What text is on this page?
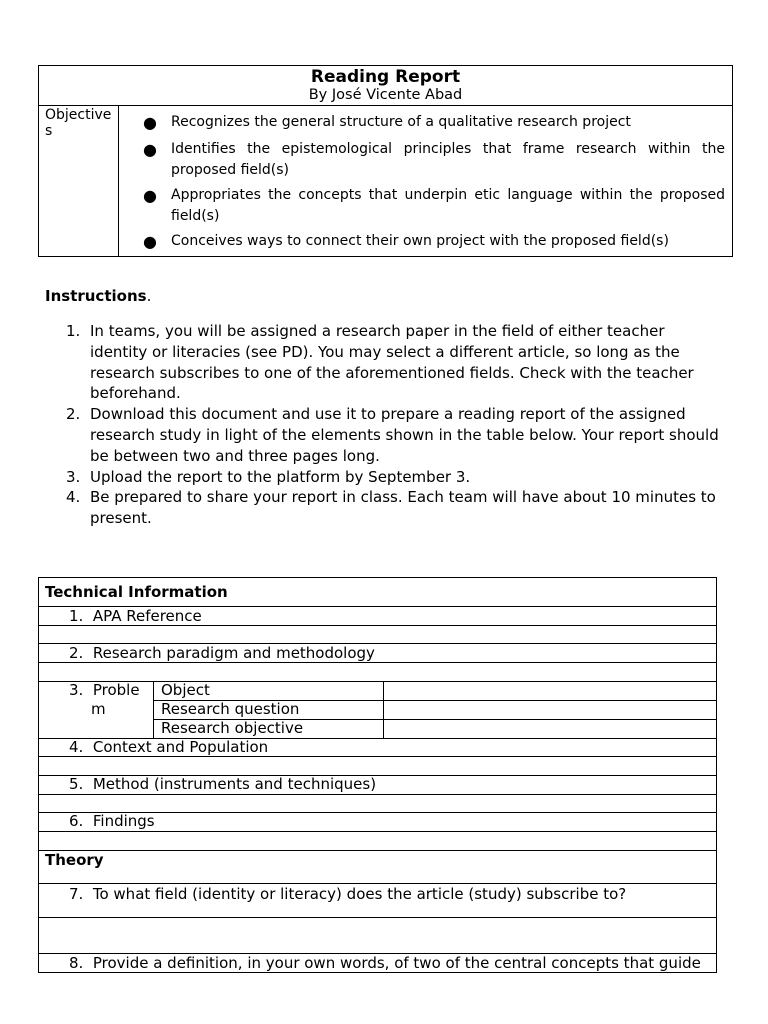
Reading Report
By José Vicente Abad
Objective
s	● Recognizes the general structure of a qualitative research project
● Identifies the epistemological principles that frame research within the proposed field(s)
● Appropriates the concepts that underpin etic language within the proposed field(s)
● Conceives ways to connect their own project with the proposed field(s)
Instructions.
1. In teams, you will be assigned a research paper in the field of either teacher identity or literacies (see PD). You may select a different article, so long as the research subscribes to one of the aforementioned fields. Check with the teacher beforehand.
2. Download this document and use it to prepare a reading report of the assigned research study in light of the elements shown in the table below. Your report should be between two and three pages long.
3. Upload the report to the platform by September 3.
4. Be prepared to share your report in class. Each team will have about 10 minutes to present.
Technical Information
1. APA Reference
2. Research paradigm and methodology
3. Proble
m
Object
Research question
Research objective
4. Context and Population
5. Method (instruments and techniques)
6. Findings
Theory
7. To what field (identity or literacy) does the article (study) subscribe to?
8. Provide a definition, in your own words, of two of the central concepts that guide
